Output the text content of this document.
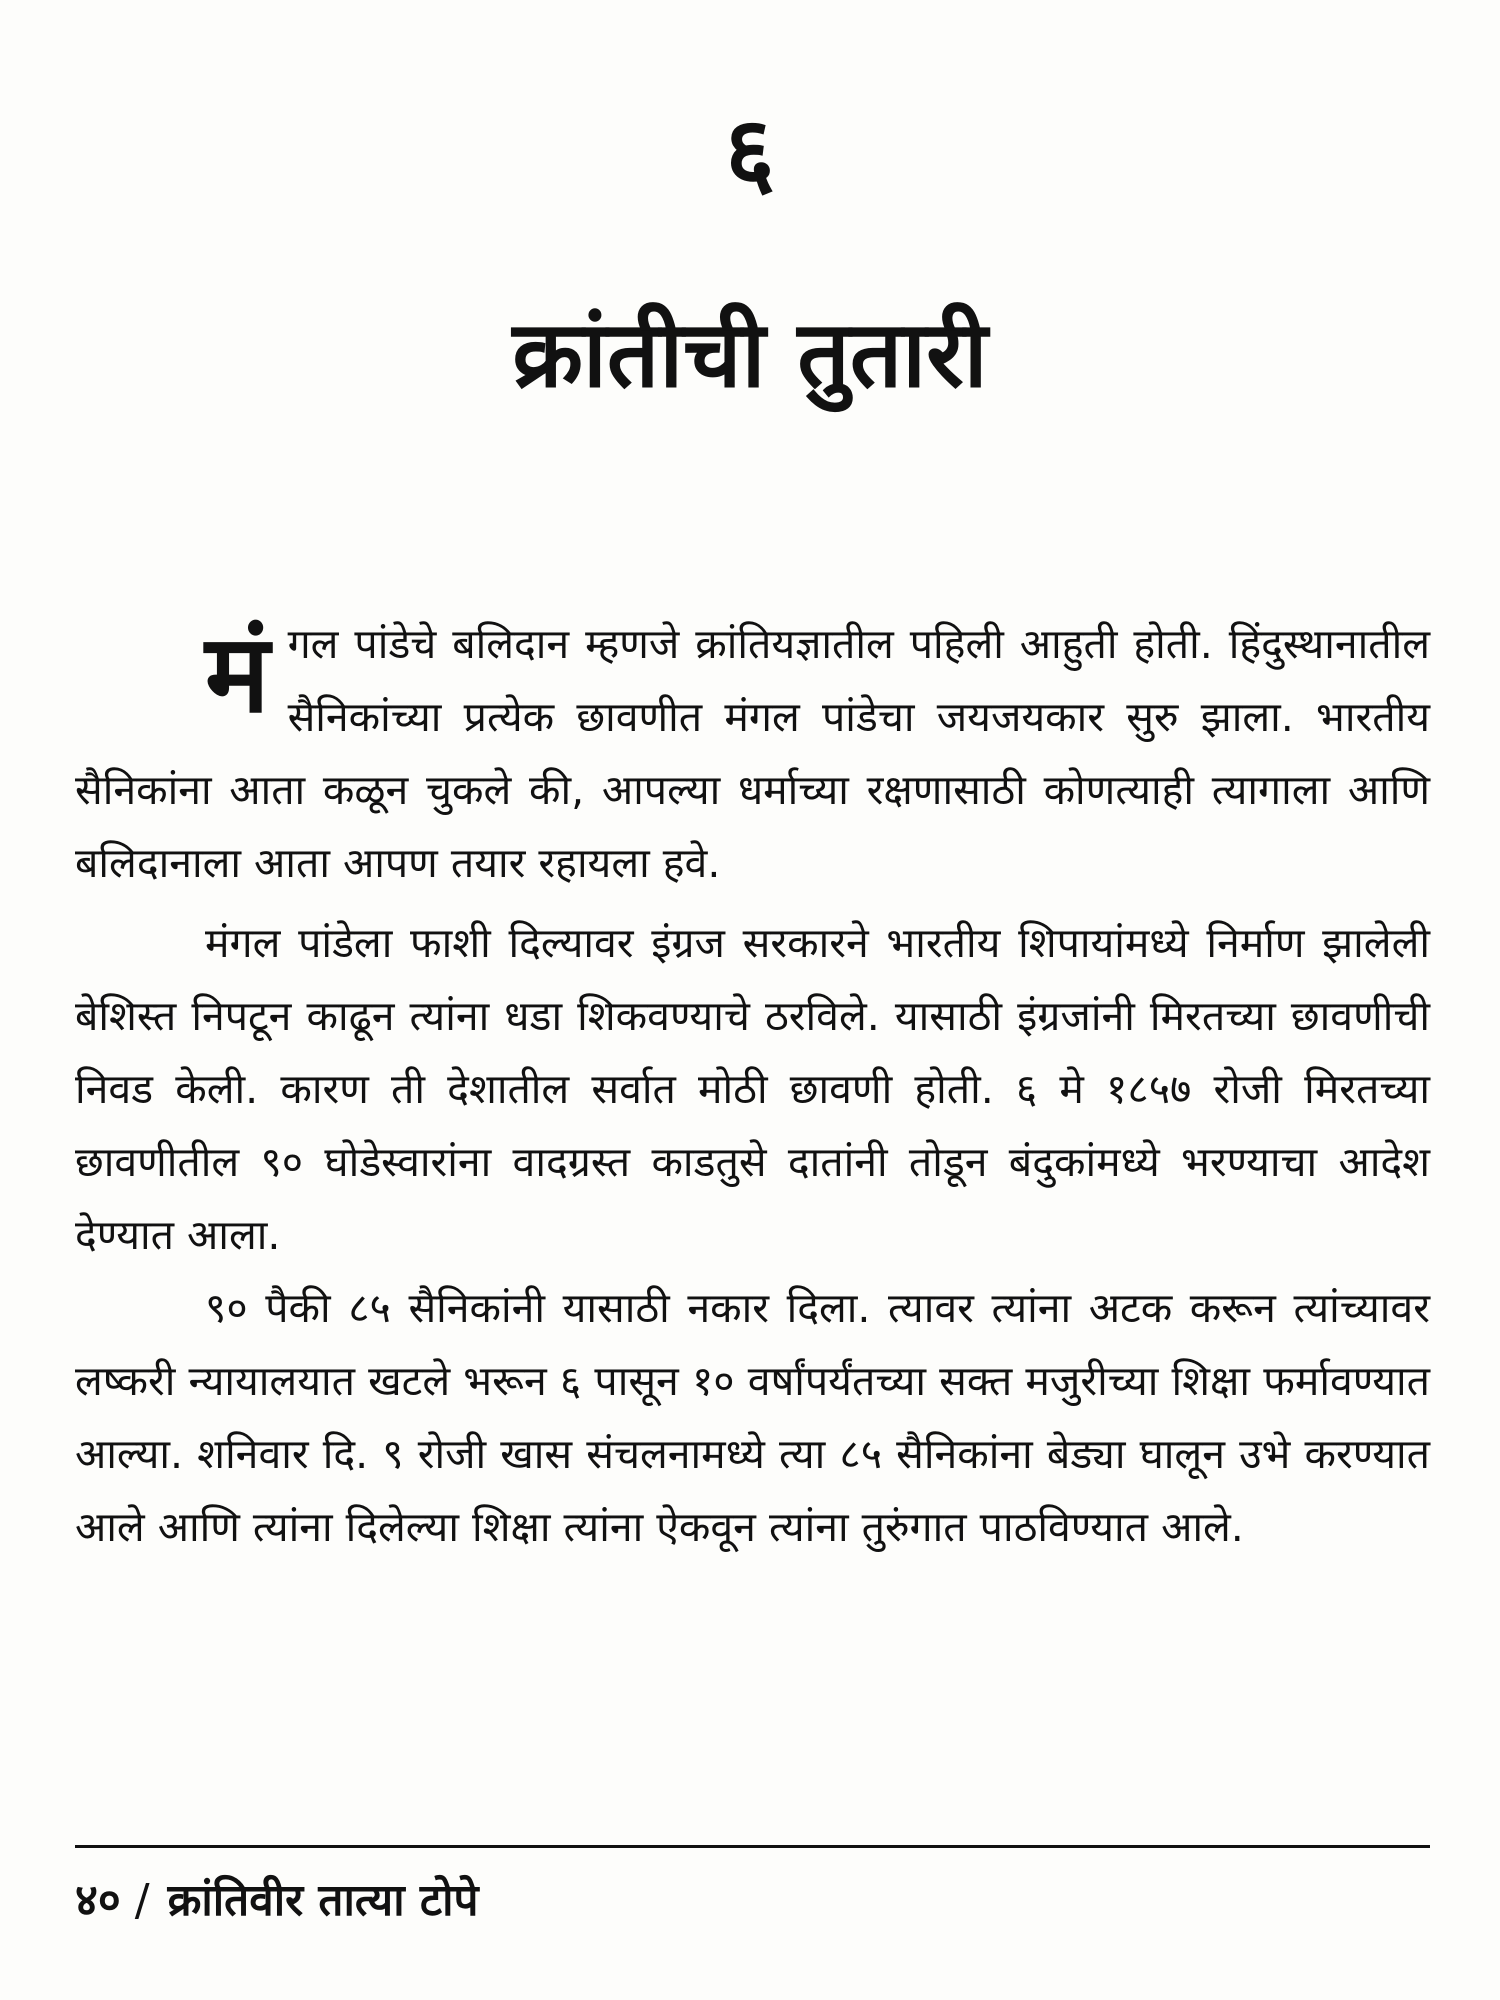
६
क्रांतीची तुतारी

मं गल पांडेचे बलिदान म्हणजे क्रांतियज्ञातील पहिली आहुती होती. हिंदुस्थानातील सैनिकांच्या प्रत्येक छावणीत मंगल पांडेचा जयजयकार सुरु झाला. भारतीय सैनिकांना आता कळून चुकले की, आपल्या धर्माच्या रक्षणासाठी कोणत्याही त्यागाला आणि बलिदानाला आता आपण तयार रहायला हवे.

मंगल पांडेला फाशी दिल्यावर इंग्रज सरकारने भारतीय शिपायांमध्ये निर्माण झालेली बेशिस्त निपटून काढून त्यांना धडा शिकवण्याचे ठरविले. यासाठी इंग्रजांनी मिरतच्या छावणीची निवड केली. कारण ती देशातील सर्वात मोठी छावणी होती. ६ मे १८५७ रोजी मिरतच्या छावणीतील ९० घोडेस्वारांना वादग्रस्त काडतुसे दातांनी तोडून बंदुकांमध्ये भरण्याचा आदेश देण्यात आला.

९० पैकी ८५ सैनिकांनी यासाठी नकार दिला. त्यावर त्यांना अटक करून त्यांच्यावर लष्करी न्यायालयात खटले भरून ६ पासून १० वर्षांपर्यंतच्या सक्त मजुरीच्या शिक्षा फर्मावण्यात आल्या. शनिवार दि. ९ रोजी खास संचलनामध्ये त्या ८५ सैनिकांना बेड्या घालून उभे करण्यात आले आणि त्यांना दिलेल्या शिक्षा त्यांना ऐकवून त्यांना तुरुंगात पाठविण्यात आले.

४० / क्रांतिवीर तात्या टोपे
